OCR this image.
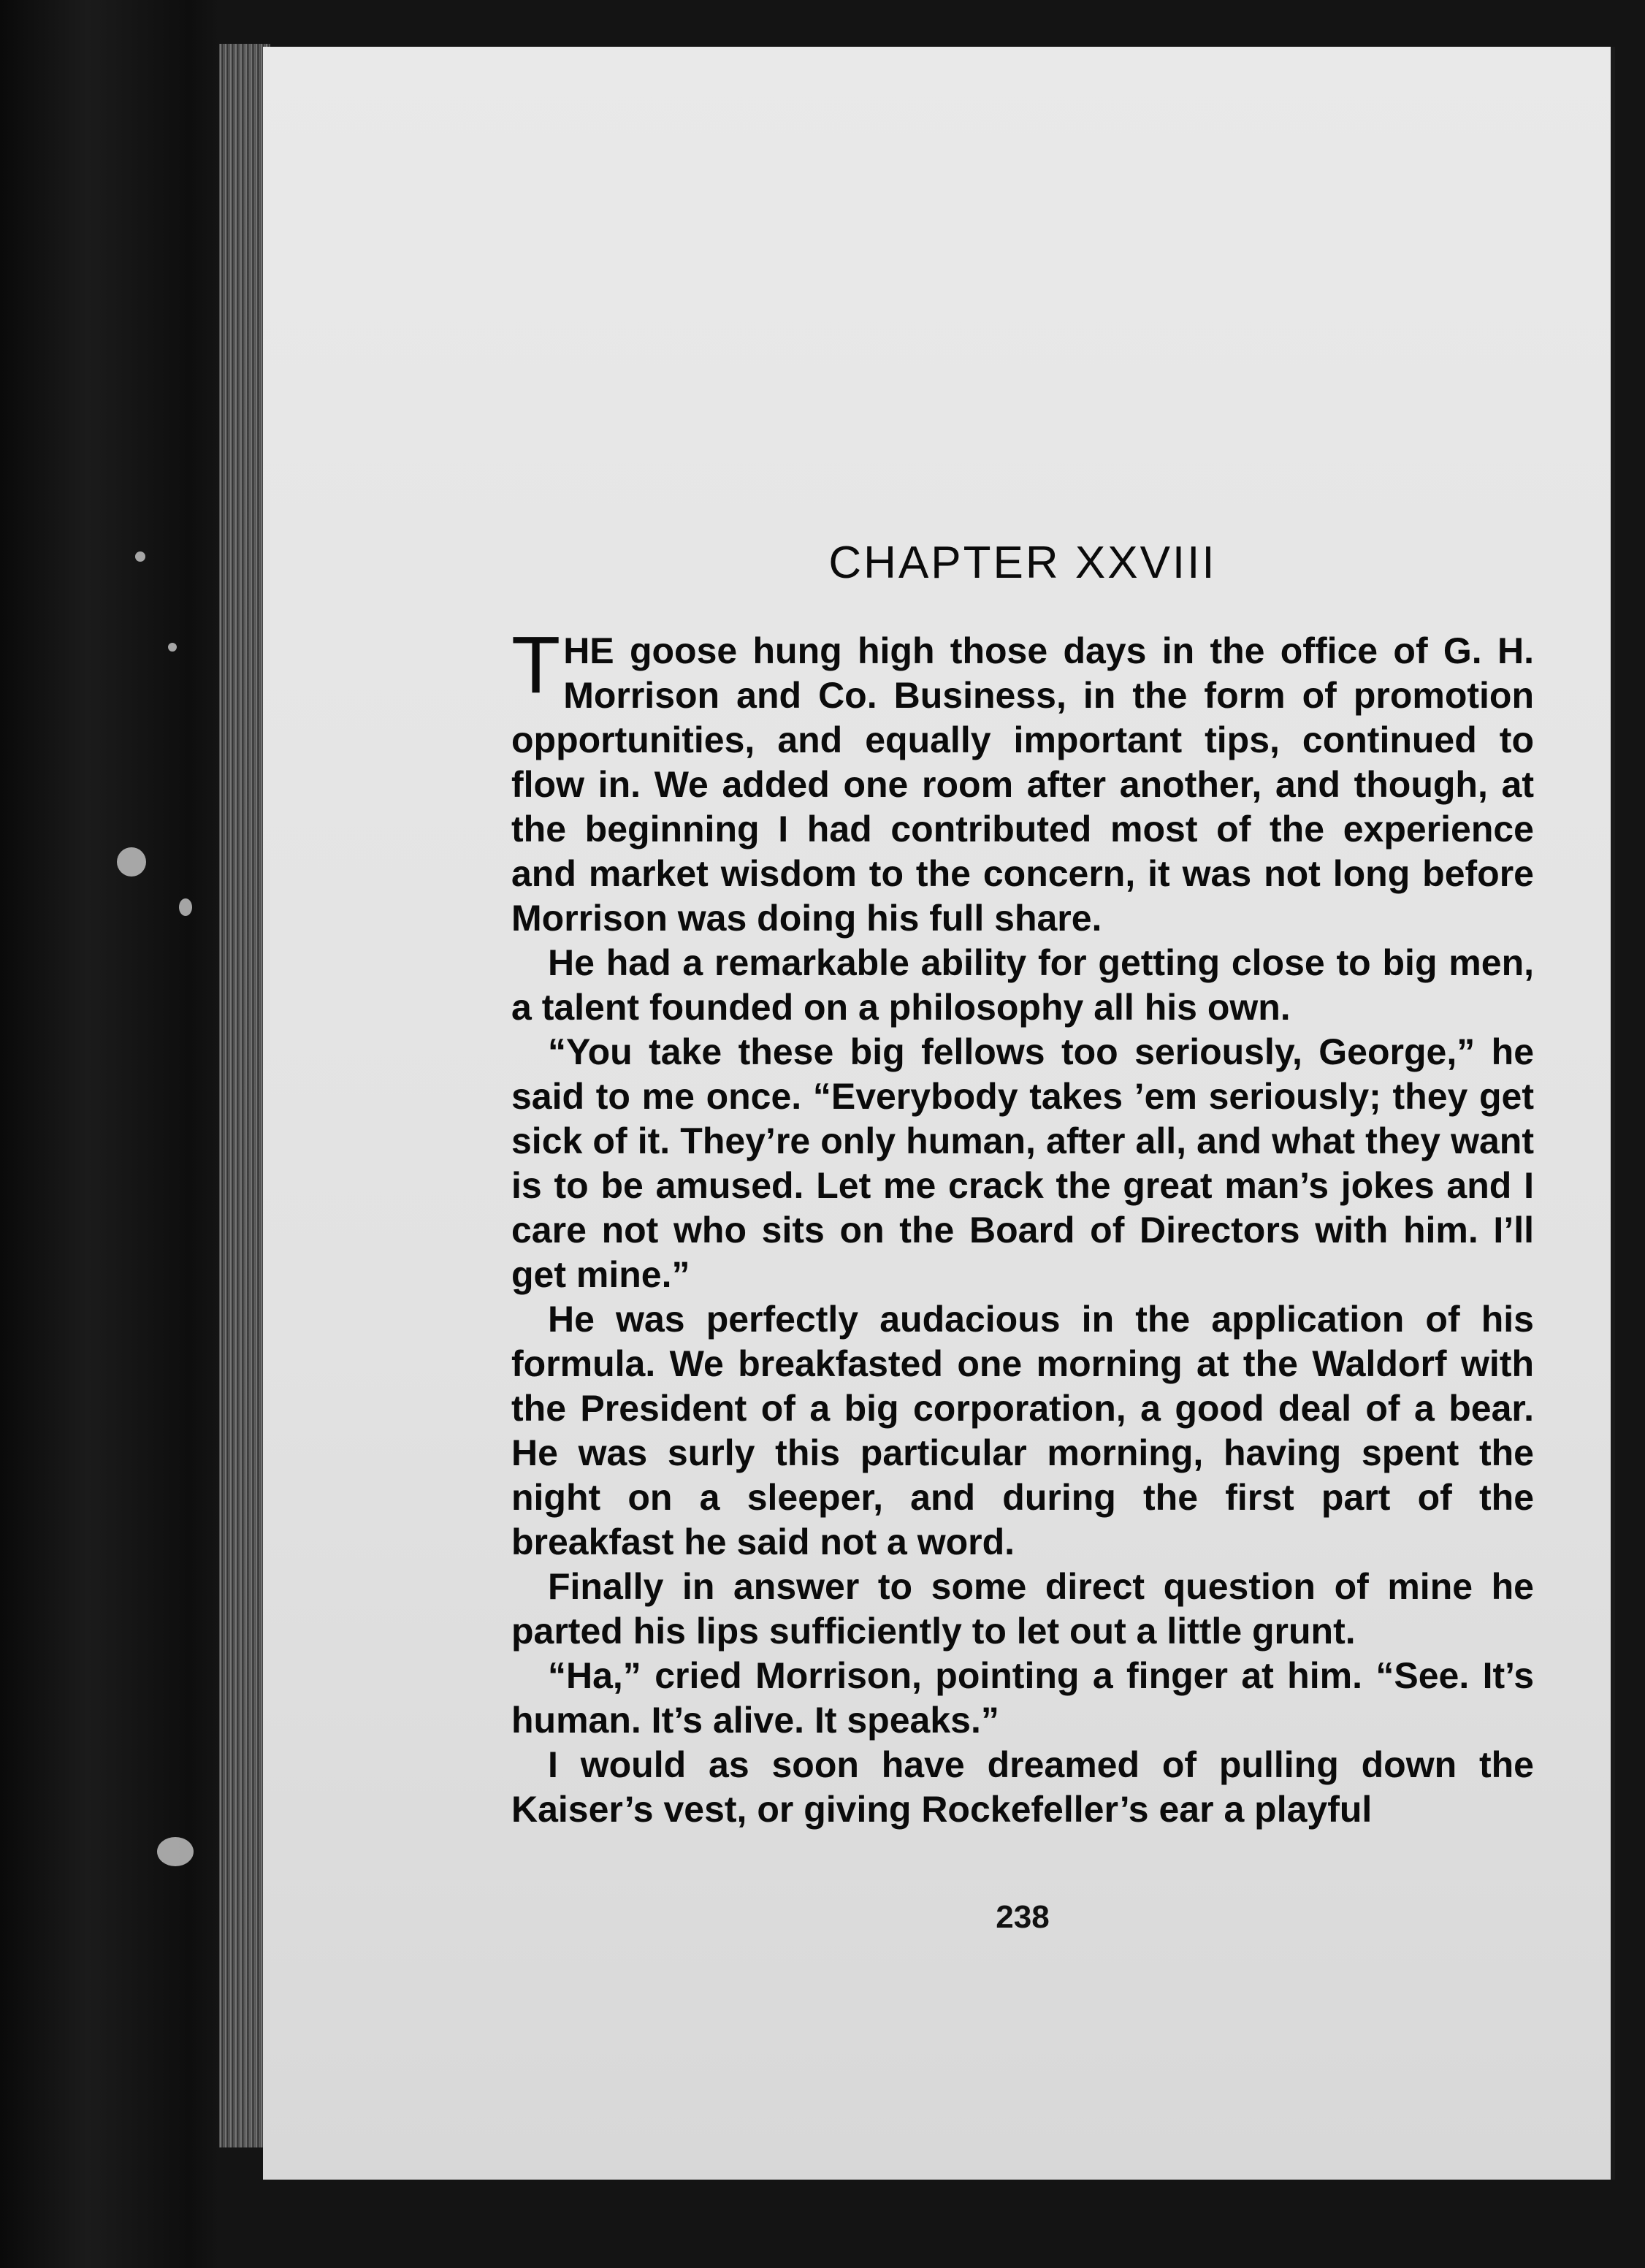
CHAPTER XXVIII

THE goose hung high those days in the office of G. H. Morrison and Co. Business, in the form of promotion opportunities, and equally important tips, continued to flow in. We added one room after another, and though, at the beginning I had contributed most of the experience and market wisdom to the concern, it was not long before Morrison was doing his full share.

He had a remarkable ability for getting close to big men, a talent founded on a philosophy all his own.

“You take these big fellows too seriously, George,” he said to me once. “Everybody takes ’em seriously; they get sick of it. They’re only human, after all, and what they want is to be amused. Let me crack the great man’s jokes and I care not who sits on the Board of Directors with him. I’ll get mine.”

He was perfectly audacious in the application of his formula. We breakfasted one morning at the Waldorf with the President of a big corporation, a good deal of a bear. He was surly this particular morning, having spent the night on a sleeper, and during the first part of the breakfast he said not a word.

Finally in answer to some direct question of mine he parted his lips sufficiently to let out a little grunt.

“Ha,” cried Morrison, pointing a finger at him. “See. It’s human. It’s alive. It speaks.”

I would as soon have dreamed of pulling down the Kaiser’s vest, or giving Rockefeller’s ear a playful

238
